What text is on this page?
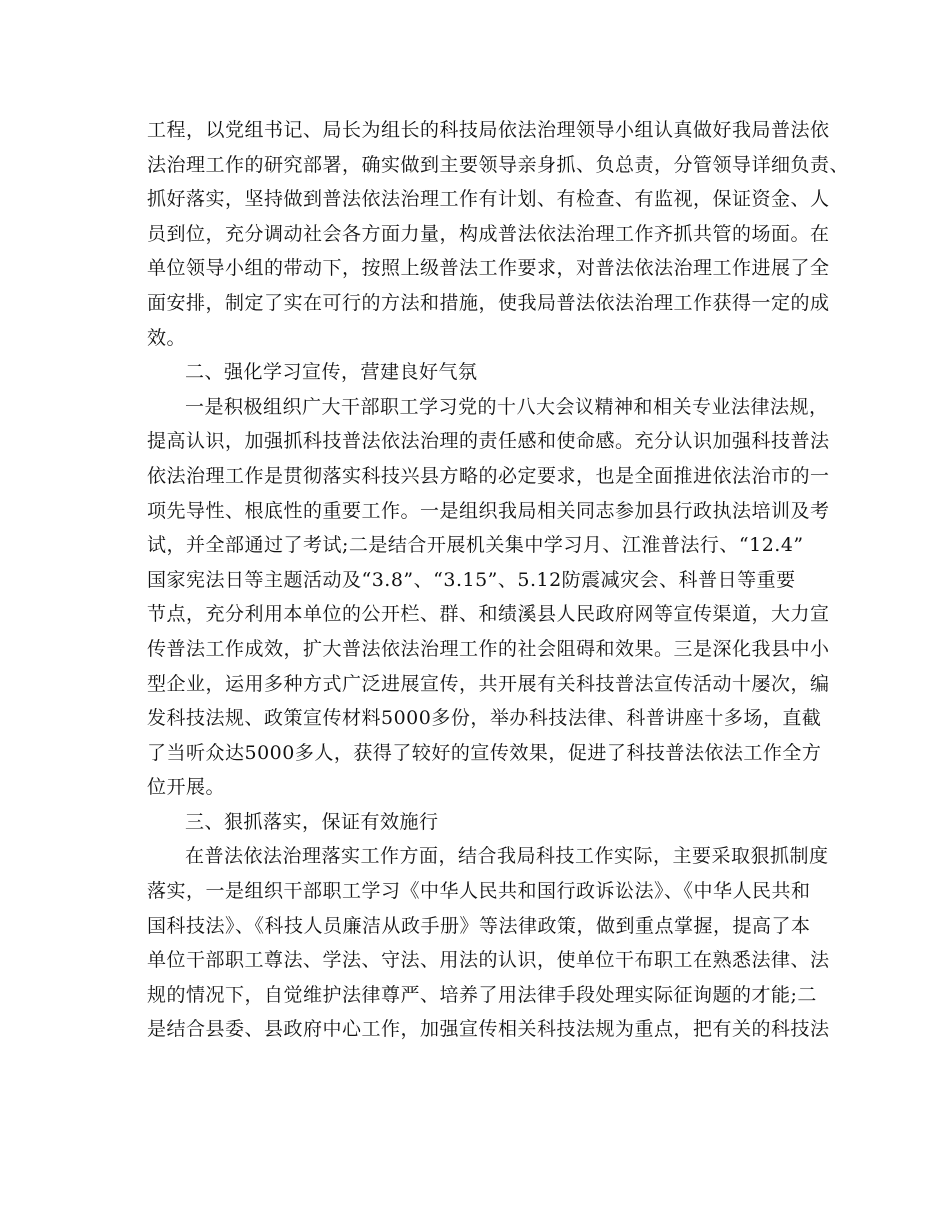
工程，以党组书记、局长为组长的科技局依法治理领导小组认真做好我局普法依
法治理工作的研究部署，确实做到主要领导亲身抓、负总责，分管领导详细负责、
抓好落实，坚持做到普法依法治理工作有计划、有检查、有监视，保证资金、人
员到位，充分调动社会各方面力量，构成普法依法治理工作齐抓共管的场面。在
单位领导小组的带动下，按照上级普法工作要求，对普法依法治理工作进展了全
面安排，制定了实在可行的方法和措施，使我局普法依法治理工作获得一定的成
效。
二、强化学习宣传，营建良好气氛
一是积极组织广大干部职工学习党的十八大会议精神和相关专业法律法规，
提高认识，加强抓科技普法依法治理的责任感和使命感。充分认识加强科技普法
依法治理工作是贯彻落实科技兴县方略的必定要求，也是全面推进依法治市的一
项先导性、根底性的重要工作。一是组织我局相关同志参加县行政执法培训及考
试，并全部通过了考试;二是结合开展机关集中学习月、江淮普法行、“12.4”
国家宪法日等主题活动及“3.8”、“3.15”、5.12防震减灾会、科普日等重要
节点，充分利用本单位的公开栏、群、和绩溪县人民政府网等宣传渠道，大力宣
传普法工作成效，扩大普法依法治理工作的社会阻碍和效果。三是深化我县中小
型企业，运用多种方式广泛进展宣传，共开展有关科技普法宣传活动十屡次，编
发科技法规、政策宣传材料5000多份，举办科技法律、科普讲座十多场，直截
了当听众达5000多人，获得了较好的宣传效果，促进了科技普法依法工作全方
位开展。
三、狠抓落实，保证有效施行
在普法依法治理落实工作方面，结合我局科技工作实际，主要采取狠抓制度
落实，一是组织干部职工学习《中华人民共和国行政诉讼法》、《中华人民共和
国科技法》、《科技人员廉洁从政手册》等法律政策，做到重点掌握，提高了本
单位干部职工尊法、学法、守法、用法的认识，使单位干布职工在熟悉法律、法
规的情况下，自觉维护法律尊严、培养了用法律手段处理实际征询题的才能;二
是结合县委、县政府中心工作，加强宣传相关科技法规为重点，把有关的科技法
